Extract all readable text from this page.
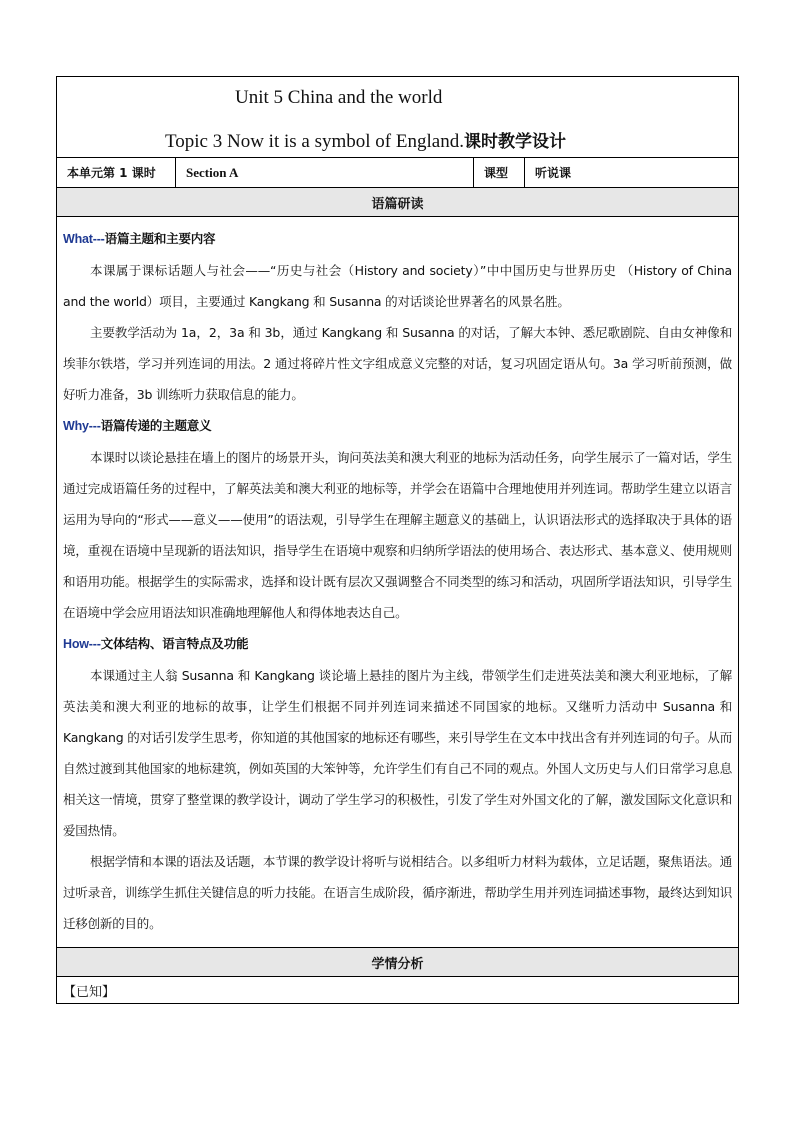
Unit 5 China and the world
Topic 3 Now it is a symbol of England.课时教学设计

本单元第 1 课时	Section A	课型	听说课
语篇研读

What---语篇主题和主要内容

本课属于课标话题人与社会——“历史与社会（History and society）”中中国历史与世界历史 （History of China and the world）项目，主要通过 Kangkang 和 Susanna 的对话谈论世界著名的风景名胜。

主要教学活动为 1a，2，3a 和 3b，通过 Kangkang 和 Susanna 的对话，了解大本钟、悉尼歌剧院、自由女神像和埃菲尔铁塔，学习并列连词的用法。2 通过将碎片性文字组成意义完整的对话，复习巩固定语从句。3a 学习听前预测，做好听力准备，3b 训练听力获取信息的能力。

Why---语篇传递的主题意义

本课时以谈论悬挂在墙上的图片的场景开头，询问英法美和澳大利亚的地标为活动任务，向学生展示了一篇对话，学生通过完成语篇任务的过程中，了解英法美和澳大利亚的地标等，并学会在语篇中合理地使用并列连词。帮助学生建立以语言运用为导向的“形式——意义——使用”的语法观，引导学生在理解主题意义的基础上，认识语法形式的选择取决于具体的语境，重视在语境中呈现新的语法知识，指导学生在语境中观察和归纳所学语法的使用场合、表达形式、基本意义、使用规则和语用功能。根据学生的实际需求，选择和设计既有层次又强调整合不同类型的练习和活动，巩固所学语法知识，引导学生在语境中学会应用语法知识准确地理解他人和得体地表达自己。

How---文体结构、语言特点及功能

本课通过主人翁 Susanna 和 Kangkang 谈论墙上悬挂的图片为主线，带领学生们走进英法美和澳大利亚地标，了解英法美和澳大利亚的地标的故事，让学生们根据不同并列连词来描述不同国家的地标。又继听力活动中 Susanna 和 Kangkang 的对话引发学生思考，你知道的其他国家的地标还有哪些，来引导学生在文本中找出含有并列连词的句子。从而自然过渡到其他国家的地标建筑，例如英国的大笨钟等，允许学生们有自己不同的观点。外国人文历史与人们日常学习息息相关这一情境，贯穿了整堂课的教学设计，调动了学生学习的积极性，引发了学生对外国文化的了解，激发国际文化意识和爱国热情。

根据学情和本课的语法及话题，本节课的教学设计将听与说相结合。以多组听力材料为载体，立足话题，聚焦语法。通过听录音，训练学生抓住关键信息的听力技能。在语言生成阶段，循序渐进，帮助学生用并列连词描述事物，最终达到知识迁移创新的目的。

学情分析
【已知】
